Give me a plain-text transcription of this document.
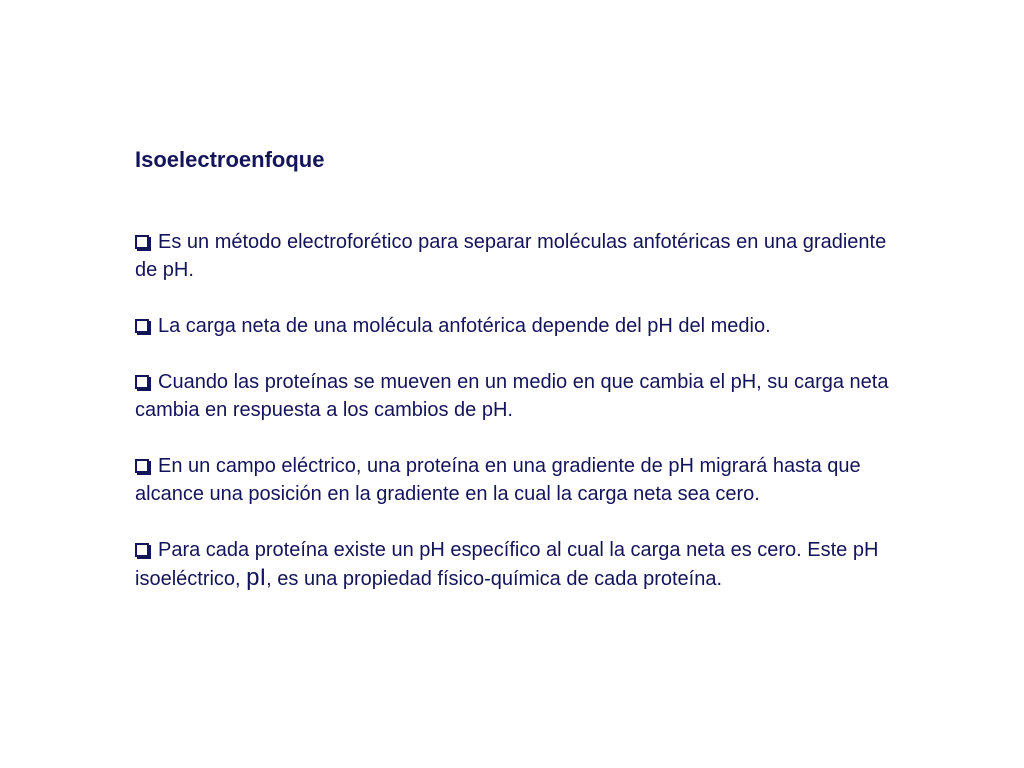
Isoelectroenfoque

Es un método electroforético para separar moléculas anfotéricas en una gradiente de pH.

La carga neta de una molécula anfotérica depende del pH del medio.

Cuando las proteínas se mueven en un medio en que cambia el pH, su carga neta cambia en respuesta a los cambios de pH.

En un campo eléctrico, una proteína en una gradiente de pH migrará hasta que alcance una posición en la gradiente en la cual la carga neta sea cero.

Para cada proteína existe un pH específico al cual la carga neta es cero. Este pH isoeléctrico, pI, es una propiedad físico-química de cada proteína.
